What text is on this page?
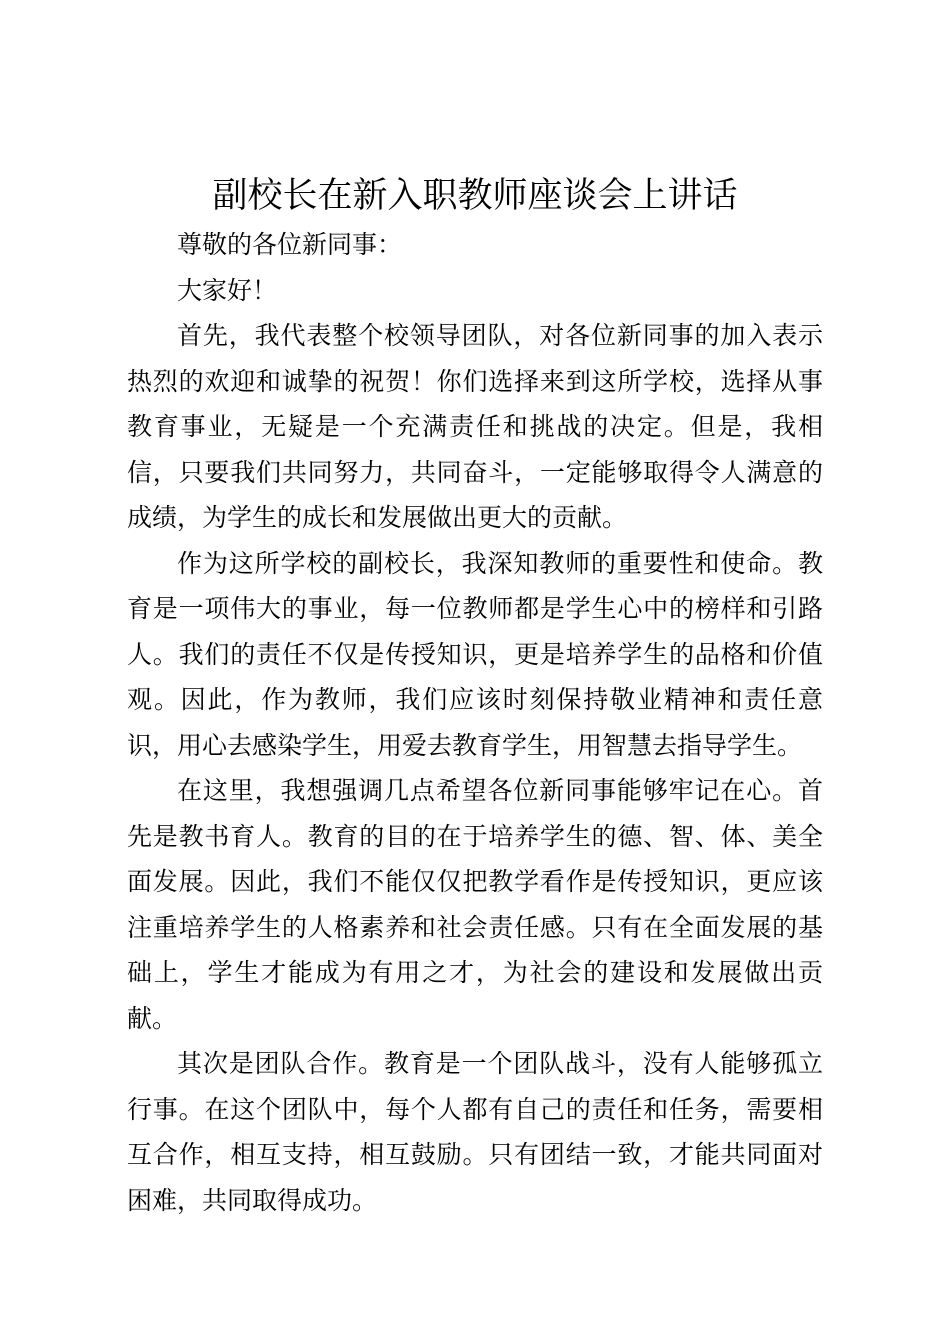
副校长在新入职教师座谈会上讲话

尊敬的各位新同事：

大家好！

首先，我代表整个校领导团队，对各位新同事的加入表示热烈的欢迎和诚挚的祝贺！你们选择来到这所学校，选择从事教育事业，无疑是一个充满责任和挑战的决定。但是，我相信，只要我们共同努力，共同奋斗，一定能够取得令人满意的成绩，为学生的成长和发展做出更大的贡献。

作为这所学校的副校长，我深知教师的重要性和使命。教育是一项伟大的事业，每一位教师都是学生心中的榜样和引路人。我们的责任不仅是传授知识，更是培养学生的品格和价值观。因此，作为教师，我们应该时刻保持敬业精神和责任意识，用心去感染学生，用爱去教育学生，用智慧去指导学生。

在这里，我想强调几点希望各位新同事能够牢记在心。首先是教书育人。教育的目的在于培养学生的德、智、体、美全面发展。因此，我们不能仅仅把教学看作是传授知识，更应该注重培养学生的人格素养和社会责任感。只有在全面发展的基础上，学生才能成为有用之才，为社会的建设和发展做出贡献。

其次是团队合作。教育是一个团队战斗，没有人能够孤立行事。在这个团队中，每个人都有自己的责任和任务，需要相互合作，相互支持，相互鼓励。只有团结一致，才能共同面对困难，共同取得成功。
